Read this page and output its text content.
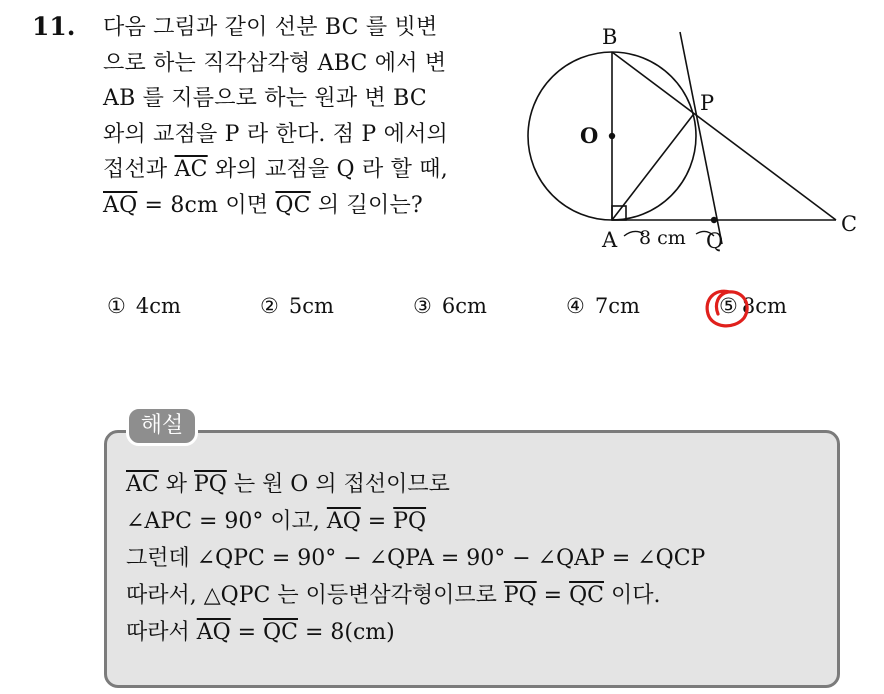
11. 다음 그림과 같이 선분 BC 를 빗변
으로 하는 직각삼각형 ABC 에서 변
AB 를 지름으로 하는 원과 변 BC
와의 교점을 P 라 한다. 점 P 에서의
접선과 $\overline{AC}$ 와의 교점을 Q 라 할 때,
$\overline{AQ} = 8cm$ 이면 $\overline{QC}$ 의 길이는?
B
P
O
A	Q
C
8 cm
① 4cm	② 5cm	③ 6cm	④ 7cm	⑤ 8cm
해설
$\overline{AC}$ 와 $\overline{PQ}$ 는 원 O 의 접선이므로
∠APC = 90° 이고, $\overline{AQ} = \overline{PQ}$
그런데 ∠QPC = 90° − ∠QPA = 90° − ∠QAP = ∠QCP
따라서, △QPC 는 이등변삼각형이므로 $\overline{PQ} = \overline{QC}$ 이다.
따라서 $\overline{AQ} = \overline{QC} = 8(cm)$
